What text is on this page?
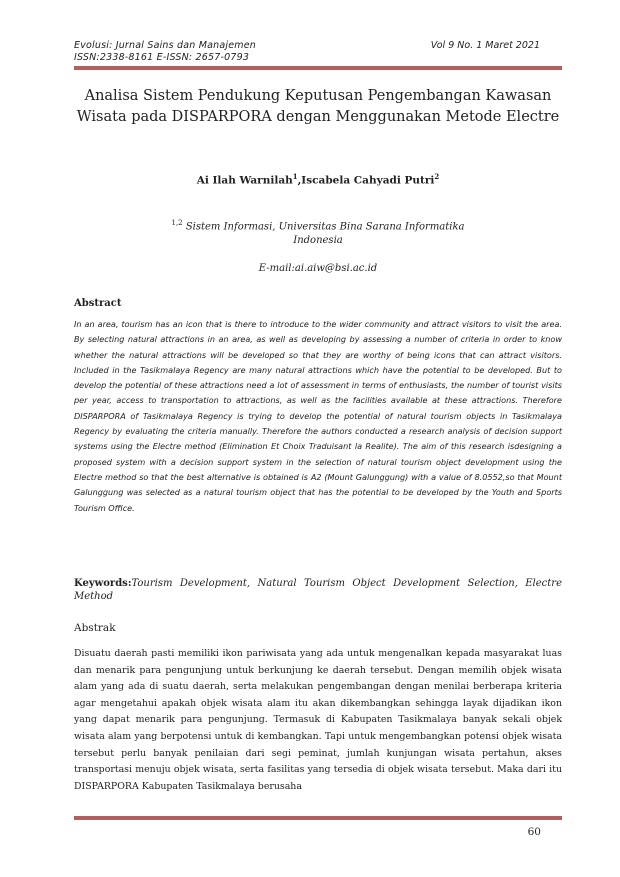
Evolusi: Jurnal Sains dan Manajemen
ISSN:2338-8161 E-ISSN: 2657-0793
Vol 9 No. 1 Maret 2021
Analisa Sistem Pendukung Keputusan Pengembangan Kawasan Wisata pada DISPARPORA dengan Menggunakan Metode Electre
Ai Ilah Warnilah$^1$,Iscabela Cahyadi Putri$^2$
$^{1,2}$ Sistem Informasi, Universitas Bina Sarana Informatika
Indonesia
E-mail:ai.aiw@bsi.ac.id
Abstract
In an area, tourism has an icon that is there to introduce to the wider community and attract visitors to visit the area. By selecting natural attractions in an area, as well as developing by assessing a number of criteria in order to know whether the natural attractions will be developed so that they are worthy of being icons that can attract visitors. Included in the Tasikmalaya Regency are many natural attractions which have the potential to be developed. But to develop the potential of these attractions need a lot of assessment in terms of enthusiasts, the number of tourist visits per year, access to transportation to attractions, as well as the facilities available at these attractions. Therefore DISPARPORA of Tasikmalaya Regency is trying to develop the potential of natural tourism objects in Tasikmalaya Regency by evaluating the criteria manually. Therefore the authors conducted a research analysis of decision support systems using the Electre method (Elimination Et Choix Traduisant la Realite). The aim of this research isdesigning a proposed system with a decision support system in the selection of natural tourism object development using the Electre method so that the best alternative is obtained is A2 (Mount Galunggung) with a value of 8.0552,so that Mount Galunggung was selected as a natural tourism object that has the potential to be developed by the Youth and Sports Tourism Office.
Keywords:Tourism Development, Natural Tourism Object Development Selection, Electre Method
Abstrak
Disuatu daerah pasti memiliki ikon pariwisata yang ada untuk mengenalkan kepada masyarakat luas dan menarik para pengunjung untuk berkunjung ke daerah tersebut. Dengan memilih objek wisata alam yang ada di suatu daerah, serta melakukan pengembangan dengan menilai berberapa kriteria agar mengetahui apakah objek wisata alam itu akan dikembangkan sehingga layak dijadikan ikon yang dapat menarik para pengunjung. Termasuk di Kabupaten Tasikmalaya banyak sekali objek wisata alam yang berpotensi untuk di kembangkan. Tapi untuk mengembangkan potensi objek wisata tersebut perlu banyak penilaian dari segi peminat, jumlah kunjungan wisata pertahun, akses transportasi menuju objek wisata, serta fasilitas yang tersedia di objek wisata tersebut. Maka dari itu DISPARPORA Kabupaten Tasikmalaya berusaha
60
